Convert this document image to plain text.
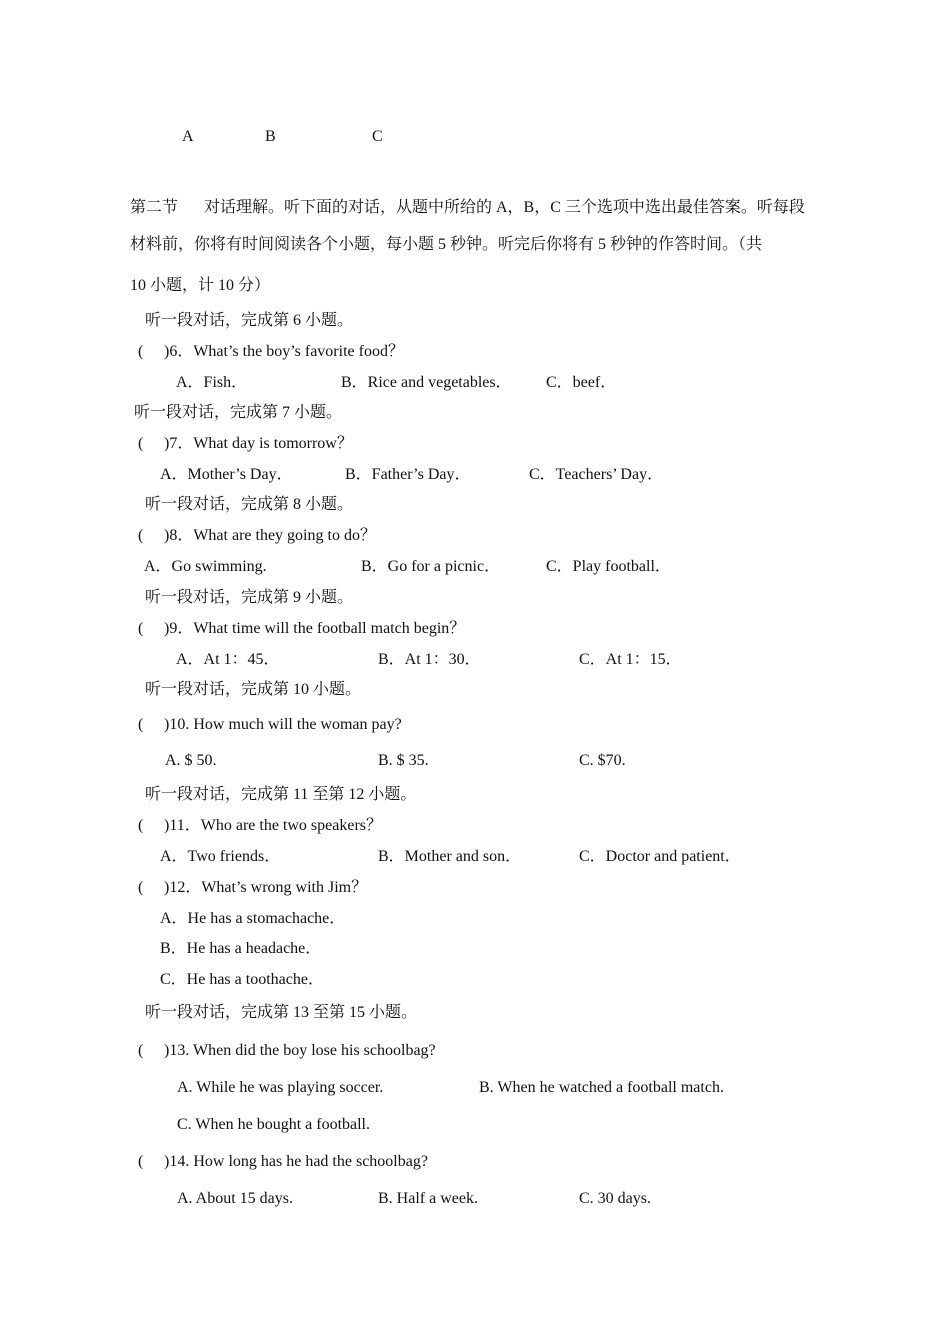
A	B	C
第二节 对话理解。听下面的对话，从题中所给的 A，B，C 三个选项中选出最佳答案。听每段
材料前，你将有时间阅读各个小题，每小题 5 秒钟。听完后你将有 5 秒钟的作答时间。（共
10 小题，计 10 分）
听一段对话，完成第 6 小题。
( )6．What’s the boy’s favorite food？
A．Fish．	B．Rice and vegetables． C．beef．
听一段对话，完成第 7 小题。
( )7．What day is tomorrow？
A．Mother’s Day．	B．Father’s Day．	C．Teachers’ Day．
听一段对话，完成第 8 小题。
( )8．What are they going to do？
A．Go swimming.	B．Go for a picnic．	C．Play football．
听一段对话，完成第 9 小题。
( )9．What time will the football match begin？
A．At 1：45．	B．At 1：30．	C．At 1：15．
听一段对话，完成第 10 小题。
( )10. How much will the woman pay?
A. $ 50.	B. $ 35.	C. $70.
听一段对话，完成第 11 至第 12 小题。
( )11．Who are the two speakers？
A．Two friends．	B．Mother and son．	C．Doctor and patient．
( )12．What’s wrong with Jim？
A．He has a stomachache．
B．He has a headache．
C．He has a toothache．
听一段对话，完成第 13 至第 15 小题。
( )13. When did the boy lose his schoolbag?
A. While he was playing soccer.	B. When he watched a football match.
C. When he bought a football.
( )14. How long has he had the schoolbag?
A. About 15 days.	B. Half a week.	C. 30 days.
